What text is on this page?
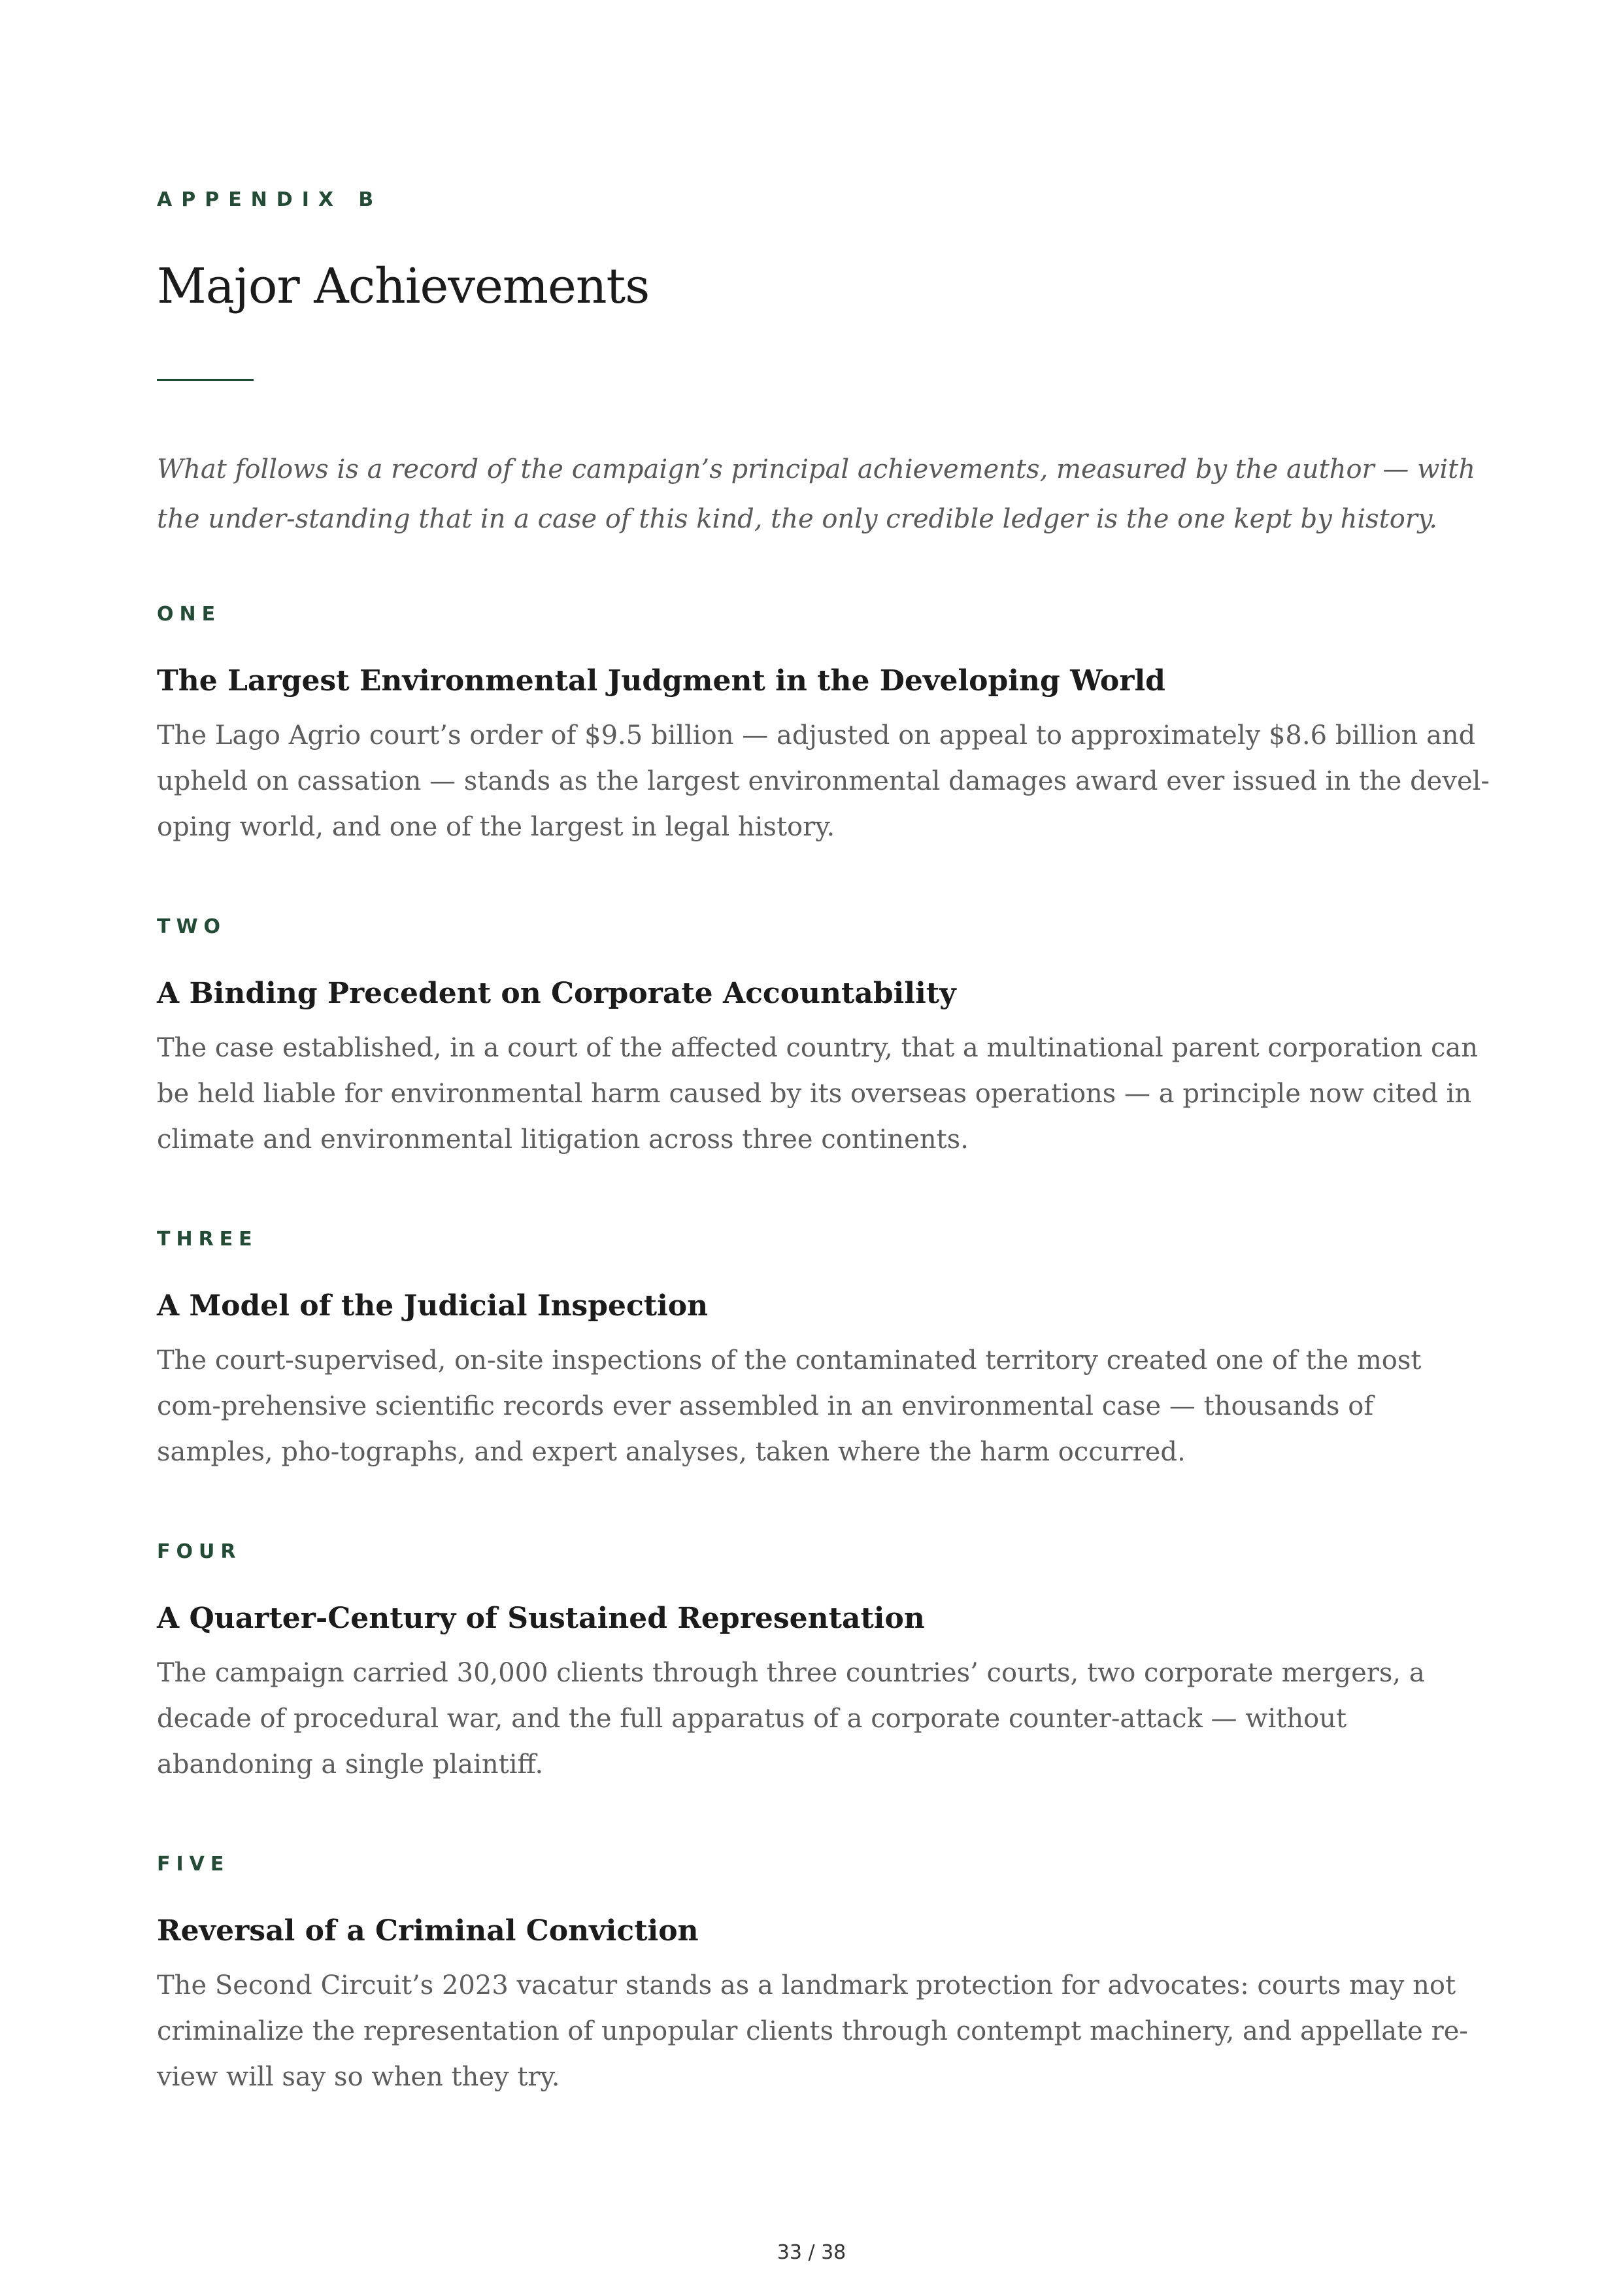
APPENDIX B
Major Achievements

What follows is a record of the campaign’s principal achievements, measured by the author — with the under-standing that in a case of this kind, the only credible ledger is the one kept by history.

ONE
The Largest Environmental Judgment in the Developing World

The Lago Agrio court’s order of $9.5 billion — adjusted on appeal to approximately $8.6 billion and upheld on cassation — stands as the largest environmental damages award ever issued in the devel-oping world, and one of the largest in legal history.

TWO
A Binding Precedent on Corporate Accountability

The case established, in a court of the affected country, that a multinational parent corporation can be held liable for environmental harm caused by its overseas operations — a principle now cited in climate and environmental litigation across three continents.

THREE
A Model of the Judicial Inspection

The court-supervised, on-site inspections of the contaminated territory created one of the most com-prehensive scientific records ever assembled in an environmental case — thousands of samples, pho-tographs, and expert analyses, taken where the harm occurred.

FOUR
A Quarter-Century of Sustained Representation

The campaign carried 30,000 clients through three countries’ courts, two corporate mergers, a decade of procedural war, and the full apparatus of a corporate counter-attack — without abandoning a single plaintiff.

FIVE
Reversal of a Criminal Conviction

The Second Circuit’s 2023 vacatur stands as a landmark protection for advocates: courts may not criminalize the representation of unpopular clients through contempt machinery, and appellate re-view will say so when they try.

33 / 38
